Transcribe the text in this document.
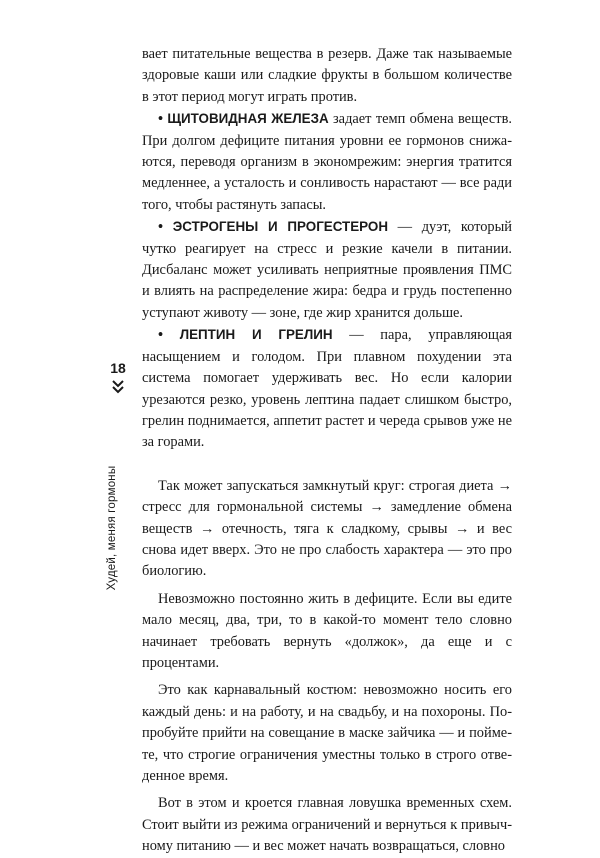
вает питательные вещества в резерв. Даже так называемые здоровые каши или сладкие фрукты в большом количестве в этот период могут играть против.

• ЩИТОВИДНАЯ ЖЕЛЕЗА задает темп обмена веществ. При долгом дефиците питания уровни ее гормонов снижаются, переводя организм в экономрежим: энергия тратится медленнее, а усталость и сонливость нарастают — все ради того, чтобы растянуть запасы.

• ЭСТРОГЕНЫ И ПРОГЕСТЕРОН — дуэт, который чутко реагирует на стресс и резкие качели в питании. Дисбаланс может усиливать неприятные проявления ПМС и влиять на распределение жира: бедра и грудь постепенно уступают животу — зоне, где жир хранится дольше.

• ЛЕПТИН И ГРЕЛИН — пара, управляющая насыщением и голодом. При плавном похудении эта система помогает удерживать вес. Но если калории урезаются резко, уровень лептина падает слишком быстро, грелин поднимается, аппетит растет и череда срывов уже не за горами.

Так может запускаться замкнутый круг: строгая диета → стресс для гормональной системы → замедление обмена веществ → отечность, тяга к сладкому, срывы → и вес снова идет вверх. Это не про слабость характера — это про биологию.

Невозможно постоянно жить в дефиците. Если вы едите мало месяц, два, три, то в какой-то момент тело словно начинает требовать вернуть «должок», да еще и с процентами.

Это как карнавальный костюм: невозможно носить его каждый день: и на работу, и на свадьбу, и на похороны. Попробуйте прийти на совещание в маске зайчика — и поймете, что строгие ограничения уместны только в строго отведенное время.

Вот в этом и кроется главная ловушка временных схем. Стоит выйти из режима ограничений и вернуться к привычному питанию — и вес может начать возвращаться, словно

18
Худей, меняя гормоны
